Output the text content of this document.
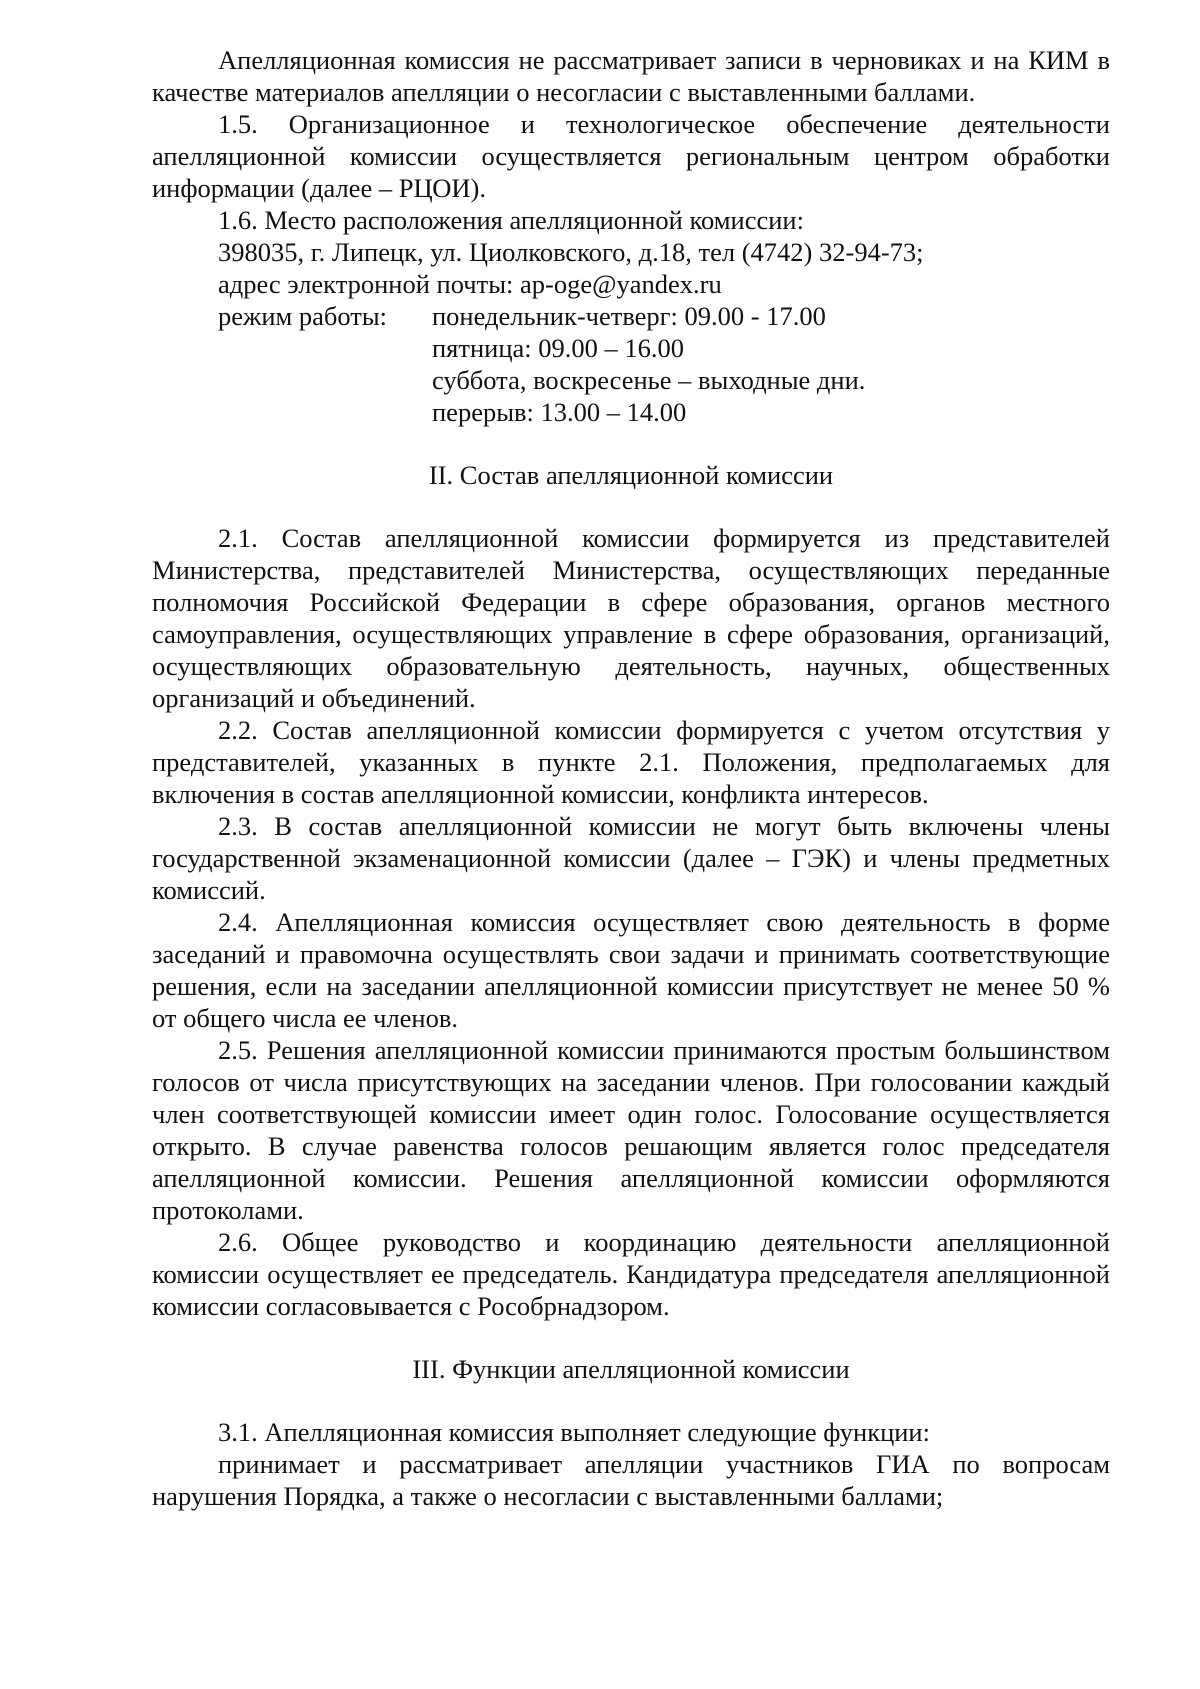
Апелляционная комиссия не рассматривает записи в черновиках и на КИМ в качестве материалов апелляции о несогласии с выставленными баллами.

1.5. Организационное и технологическое обеспечение деятельности апелляционной комиссии осуществляется региональным центром обработки информации (далее – РЦОИ).

1.6. Место расположения апелляционной комиссии:

398035, г. Липецк, ул. Циолковского, д.18, тел (4742) 32-94-73;

адрес электронной почты: ap-oge@yandex.ru

режим работы:	понедельник-четверг: 09.00 - 17.00
пятница: 09.00 – 16.00
суббота, воскресенье – выходные дни.
перерыв: 13.00 – 14.00

II. Состав апелляционной комиссии

2.1. Состав апелляционной комиссии формируется из представителей Министерства, представителей Министерства, осуществляющих переданные полномочия Российской Федерации в сфере образования, органов местного самоуправления, осуществляющих управление в сфере образования, организаций, осуществляющих образовательную деятельность, научных, общественных организаций и объединений.

2.2. Состав апелляционной комиссии формируется с учетом отсутствия у представителей, указанных в пункте 2.1. Положения, предполагаемых для включения в состав апелляционной комиссии, конфликта интересов.

2.3. В состав апелляционной комиссии не могут быть включены члены государственной экзаменационной комиссии (далее – ГЭК) и члены предметных комиссий.

2.4. Апелляционная комиссия осуществляет свою деятельность в форме заседаний и правомочна осуществлять свои задачи и принимать соответствующие решения, если на заседании апелляционной комиссии присутствует не менее 50 % от общего числа ее членов.

2.5. Решения апелляционной комиссии принимаются простым большинством голосов от числа присутствующих на заседании членов. При голосовании каждый член соответствующей комиссии имеет один голос. Голосование осуществляется открыто. В случае равенства голосов решающим является голос председателя апелляционной комиссии. Решения апелляционной комиссии оформляются протоколами.

2.6. Общее руководство и координацию деятельности апелляционной комиссии осуществляет ее председатель. Кандидатура председателя апелляционной комиссии согласовывается с Рособрнадзором.

III. Функции апелляционной комиссии

3.1. Апелляционная комиссия выполняет следующие функции:

принимает и рассматривает апелляции участников ГИА по вопросам нарушения Порядка, а также о несогласии с выставленными баллами;
